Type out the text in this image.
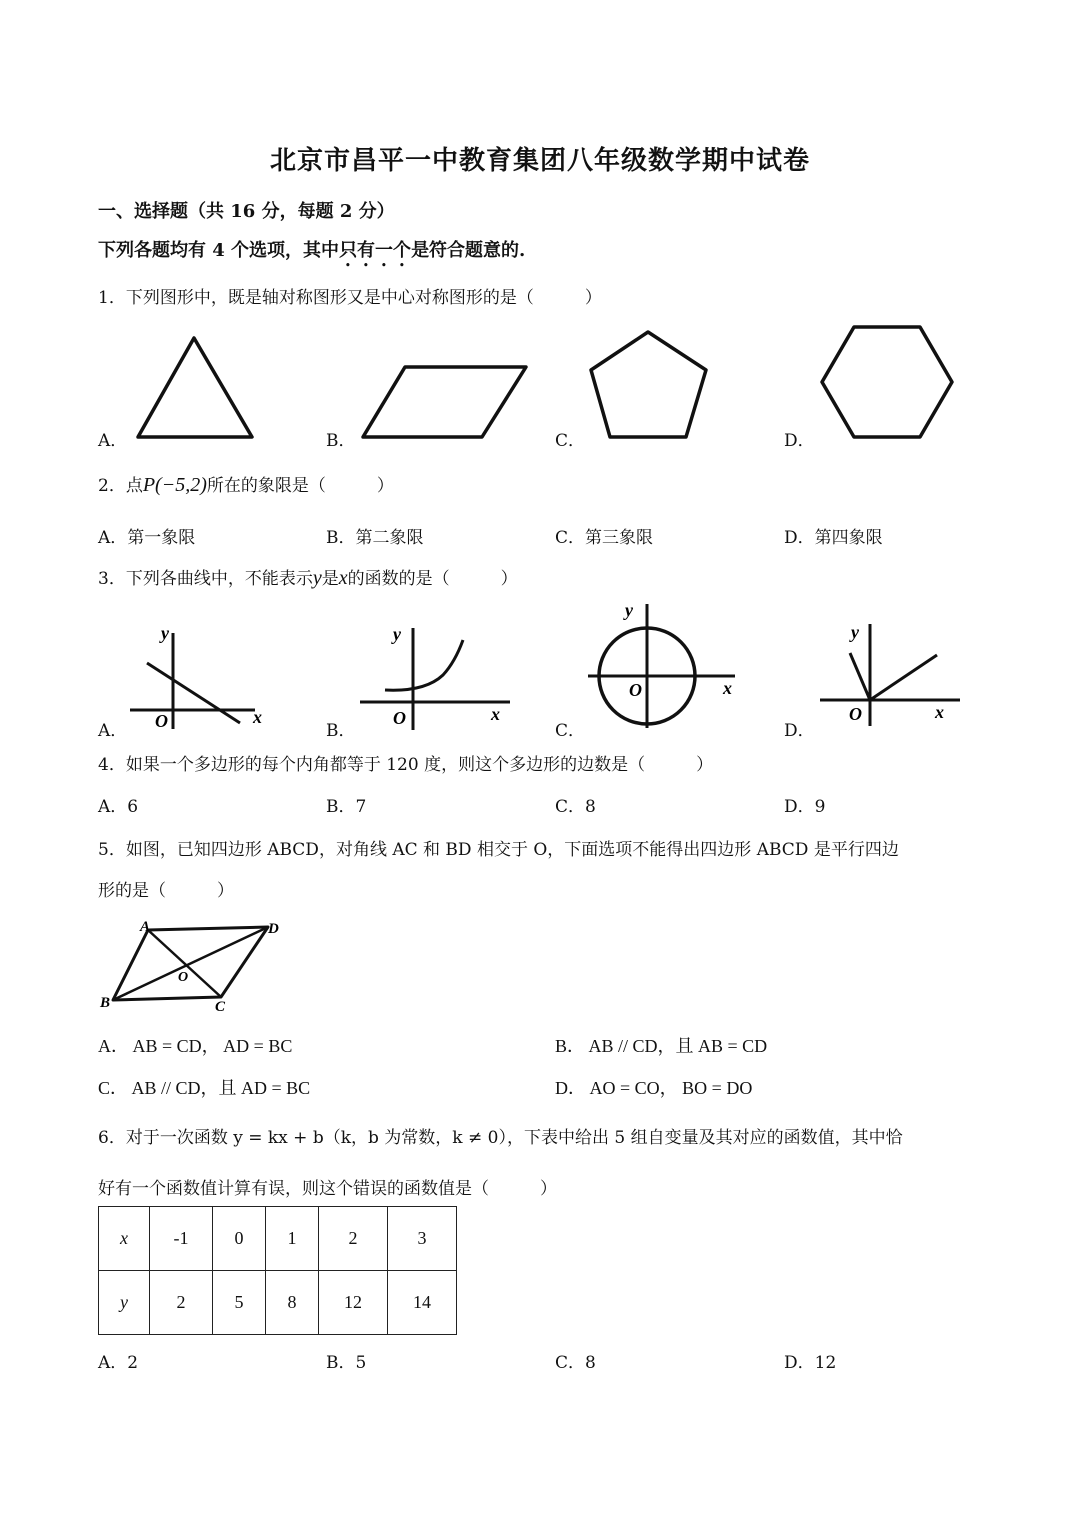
北京市昌平一中教育集团八年级数学期中试卷
一、选择题（共 16 分，每题 2 分）
下列各题均有 4 个选项，其中只有一个是符合题意的.
1．下列图形中，既是轴对称图形又是中心对称图形的是（　　　）
A．	B．	C．	D．
2．点P(−5,2)所在的象限是（　　　）
A．第一象限	B．第二象限	C．第三象限	D．第四象限
3．下列各曲线中，不能表示y是x的函数的是（　　　）
A．
y
x
O	B．
y
x
O
C．
y
x
O
D．
y
x
O
4．如果一个多边形的每个内角都等于 120 度，则这个多边形的边数是（　　　）
A．6	B．7	C．8	D．9
5．如图，已知四边形 ABCD，对角线 AC 和 BD 相交于 O，下面选项不能得出四边形 ABCD 是平行四边
形的是（　　　）
A	D
B	C
O
A． AB = CD， AD = BC	B． AB // CD，且 AB = CD
C． AB // CD，且 AD = BC	D． AO = CO， BO = DO
6．对于一次函数 y = kx + b（k，b 为常数，k ≠ 0），下表中给出 5 组自变量及其对应的函数值，其中恰
好有一个函数值计算有误，则这个错误的函数值是（　　　）
x	-1	0	1	2	3
y	2	5	8	12	14
A．2	B．5	C．8	D．12
